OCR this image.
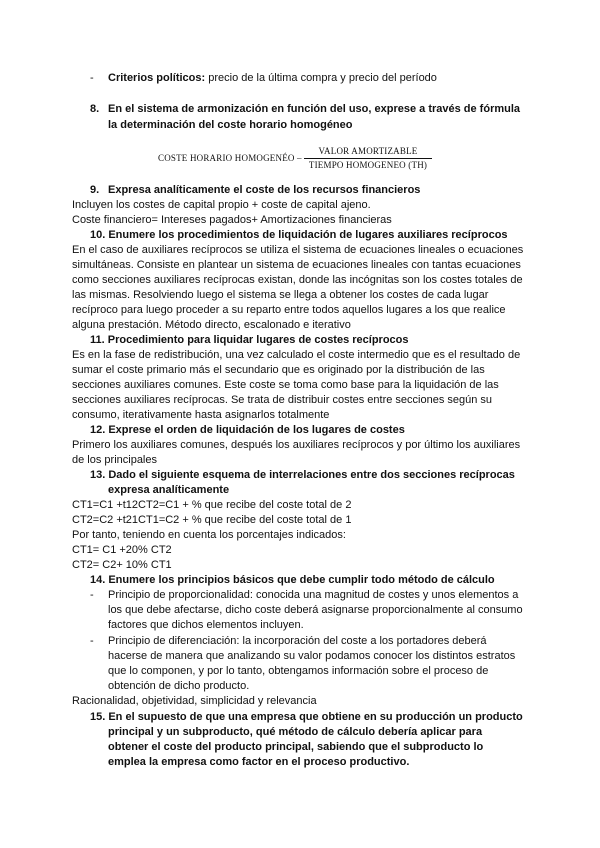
- Criterios políticos: precio de la última compra y precio del período
8. En el sistema de armonización en función del uso, exprese a través de fórmula
la determinación del coste horario homogéneo
COSTE HORARIO HOMOGENÉO –
VALOR AMORTIZABLE
TIEMPO HOMOGENEO (TH)
9. Expresa analíticamente el coste de los recursos financieros
Incluyen los costes de capital propio + coste de capital ajeno.
Coste financiero= Intereses pagados+ Amortizaciones financieras
10. Enumere los procedimientos de liquidación de lugares auxiliares recíprocos
En el caso de auxiliares recíprocos se utiliza el sistema de ecuaciones lineales o ecuaciones
simultáneas. Consiste en plantear un sistema de ecuaciones lineales con tantas ecuaciones
como secciones auxiliares recíprocas existan, donde las incógnitas son los costes totales de
las mismas. Resolviendo luego el sistema se llega a obtener los costes de cada lugar
recíproco para luego proceder a su reparto entre todos aquellos lugares a los que realice
alguna prestación. Método directo, escalonado e iterativo
11. Procedimiento para liquidar lugares de costes recíprocos
Es en la fase de redistribución, una vez calculado el coste intermedio que es el resultado de
sumar el coste primario más el secundario que es originado por la distribución de las
secciones auxiliares comunes. Este coste se toma como base para la liquidación de las
secciones auxiliares recíprocas. Se trata de distribuir costes entre secciones según su
consumo, iterativamente hasta asignarlos totalmente
12. Exprese el orden de liquidación de los lugares de costes
Primero los auxiliares comunes, después los auxiliares recíprocos y por último los auxiliares
de los principales
13. Dado el siguiente esquema de interrelaciones entre dos secciones recíprocas
expresa analíticamente
CT1=C1 +t12CT2=C1 + % que recibe del coste total de 2
CT2=C2 +t21CT1=C2 + % que recibe del coste total de 1
Por tanto, teniendo en cuenta los porcentajes indicados:
CT1= C1 +20% CT2
CT2= C2+ 10% CT1
14. Enumere los principios básicos que debe cumplir todo método de cálculo
- Principio de proporcionalidad: conocida una magnitud de costes y unos elementos a
los que debe afectarse, dicho coste deberá asignarse proporcionalmente al consumo
factores que dichos elementos incluyen.
- Principio de diferenciación: la incorporación del coste a los portadores deberá
hacerse de manera que analizando su valor podamos conocer los distintos estratos
que lo componen, y por lo tanto, obtengamos información sobre el proceso de
obtención de dicho producto.
Racionalidad, objetividad, simplicidad y relevancia
15. En el supuesto de que una empresa que obtiene en su producción un producto
principal y un subproducto, qué método de cálculo debería aplicar para
obtener el coste del producto principal, sabiendo que el subproducto lo
emplea la empresa como factor en el proceso productivo.
